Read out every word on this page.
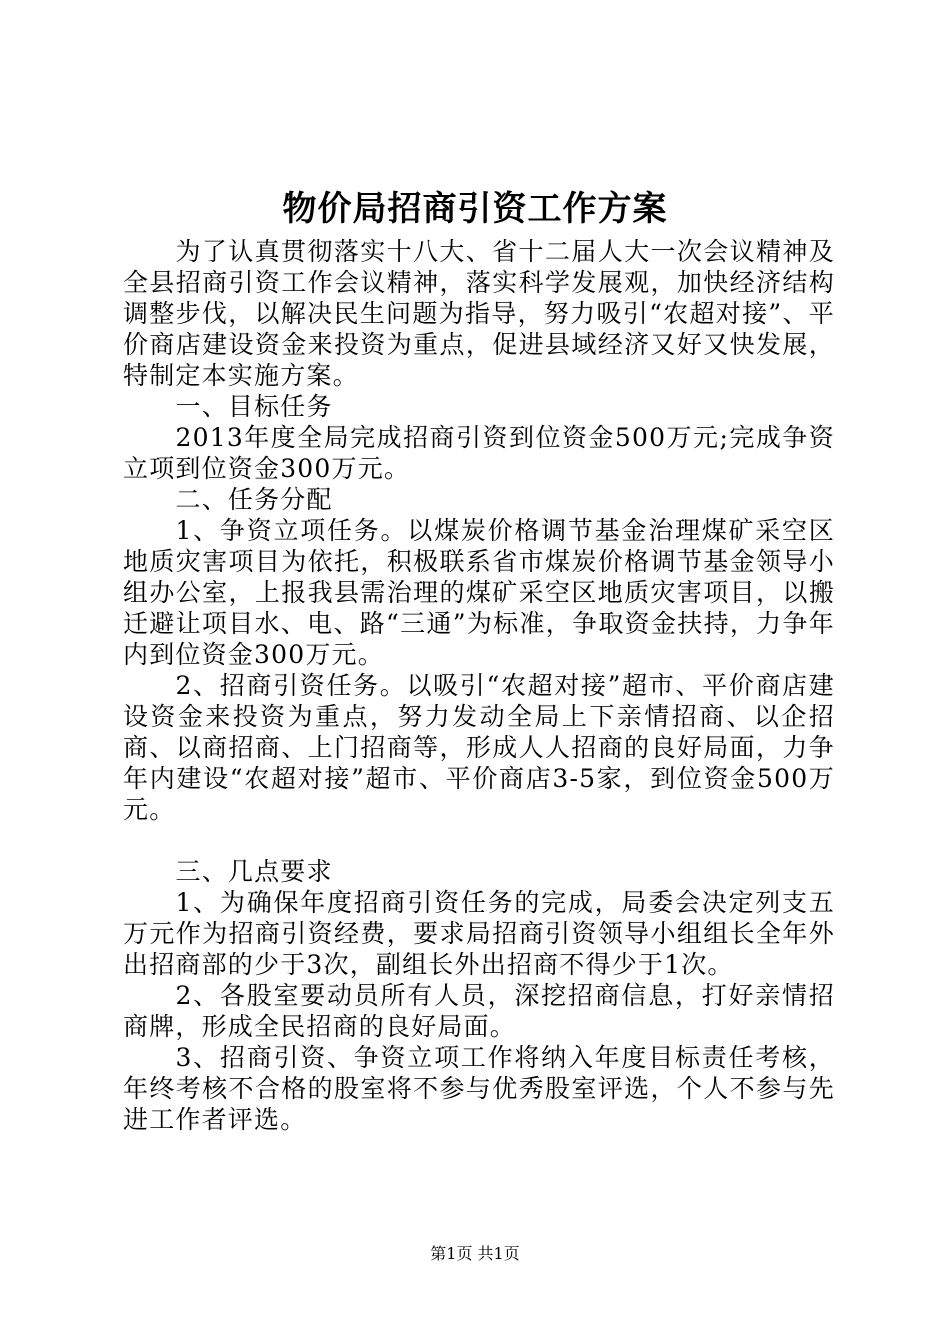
物价局招商引资工作方案

为了认真贯彻落实十八大、省十二届人大一次会议精神及全县招商引资工作会议精神，落实科学发展观，加快经济结构调整步伐，以解决民生问题为指导，努力吸引“农超对接”、平价商店建设资金来投资为重点，促进县域经济又好又快发展，特制定本实施方案。

一、目标任务

2013年度全局完成招商引资到位资金500万元;完成争资立项到位资金300万元。

二、任务分配

1、争资立项任务。以煤炭价格调节基金治理煤矿采空区地质灾害项目为依托，积极联系省市煤炭价格调节基金领导小组办公室，上报我县需治理的煤矿采空区地质灾害项目，以搬迁避让项目水、电、路“三通”为标准，争取资金扶持，力争年内到位资金300万元。

2、招商引资任务。以吸引“农超对接”超市、平价商店建设资金来投资为重点，努力发动全局上下亲情招商、以企招商、以商招商、上门招商等，形成人人招商的良好局面，力争年内建设“农超对接”超市、平价商店3-5家，到位资金500万元。

三、几点要求

1、为确保年度招商引资任务的完成，局委会决定列支五万元作为招商引资经费，要求局招商引资领导小组组长全年外出招商部的少于3次，副组长外出招商不得少于1次。

2、各股室要动员所有人员，深挖招商信息，打好亲情招商牌，形成全民招商的良好局面。

3、招商引资、争资立项工作将纳入年度目标责任考核，年终考核不合格的股室将不参与优秀股室评选，个人不参与先进工作者评选。

第1页 共1页
